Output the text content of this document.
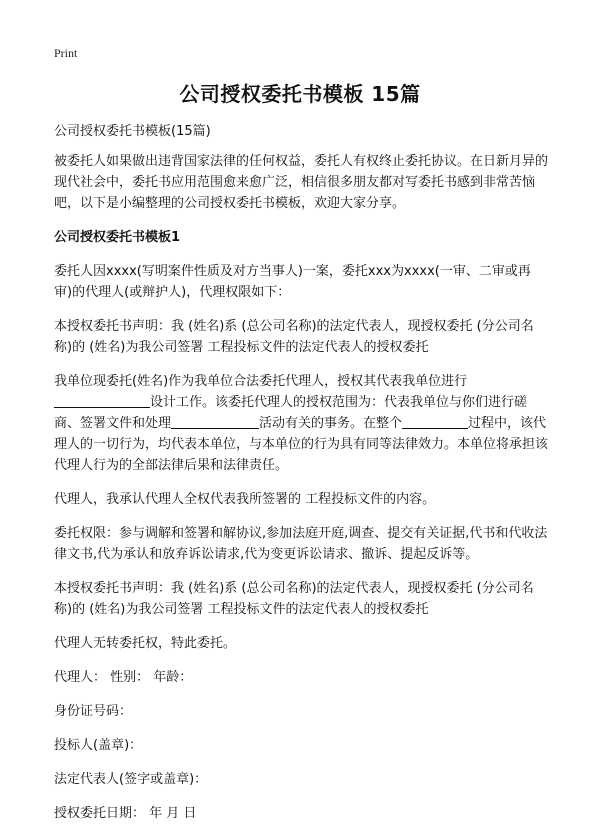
Print
公司授权委托书模板 15篇

公司授权委托书模板(15篇)

被委托人如果做出违背国家法律的任何权益，委托人有权终止委托协议。在日新月异的现代社会中，委托书应用范围愈来愈广泛，相信很多朋友都对写委托书感到非常苦恼吧，以下是小编整理的公司授权委托书模板，欢迎大家分享。

公司授权委托书模板1

委托人因xxxx(写明案件性质及对方当事人)一案，委托xxx为xxxx(一审、二审或再审)的代理人(或辩护人)，代理权限如下：

本授权委托书声明：我 (姓名)系 (总公司名称)的法定代表人，现授权委托 (分公司名称)的 (姓名)为我公司签署 工程投标文件的法定代表人的授权委托

我单位现委托(姓名)作为我单位合法委托代理人，授权其代表我单位进行设计工作。该委托代理人的授权范围为：代表我单位与你们进行磋商、签署文件和处理	活动有关的事务。在整个	过程中，该代理人的一切行为，均代表本单位，与本单位的行为具有同等法律效力。本单位将承担该代理人行为的全部法律后果和法律责任。

代理人，我承认代理人全权代表我所签署的 工程投标文件的内容。

委托权限：参与调解和签署和解协议,参加法庭开庭,调查、提交有关证据,代书和代收法律文书,代为承认和放弃诉讼请求,代为变更诉讼请求、撤诉、提起反诉等。

本授权委托书声明：我 (姓名)系 (总公司名称)的法定代表人，现授权委托 (分公司名称)的 (姓名)为我公司签署 工程投标文件的法定代表人的授权委托

代理人无转委托权，特此委托。

代理人： 性别： 年龄：

身份证号码：

投标人(盖章)：

法定代表人(签字或盖章)：

授权委托日期： 年 月 日
